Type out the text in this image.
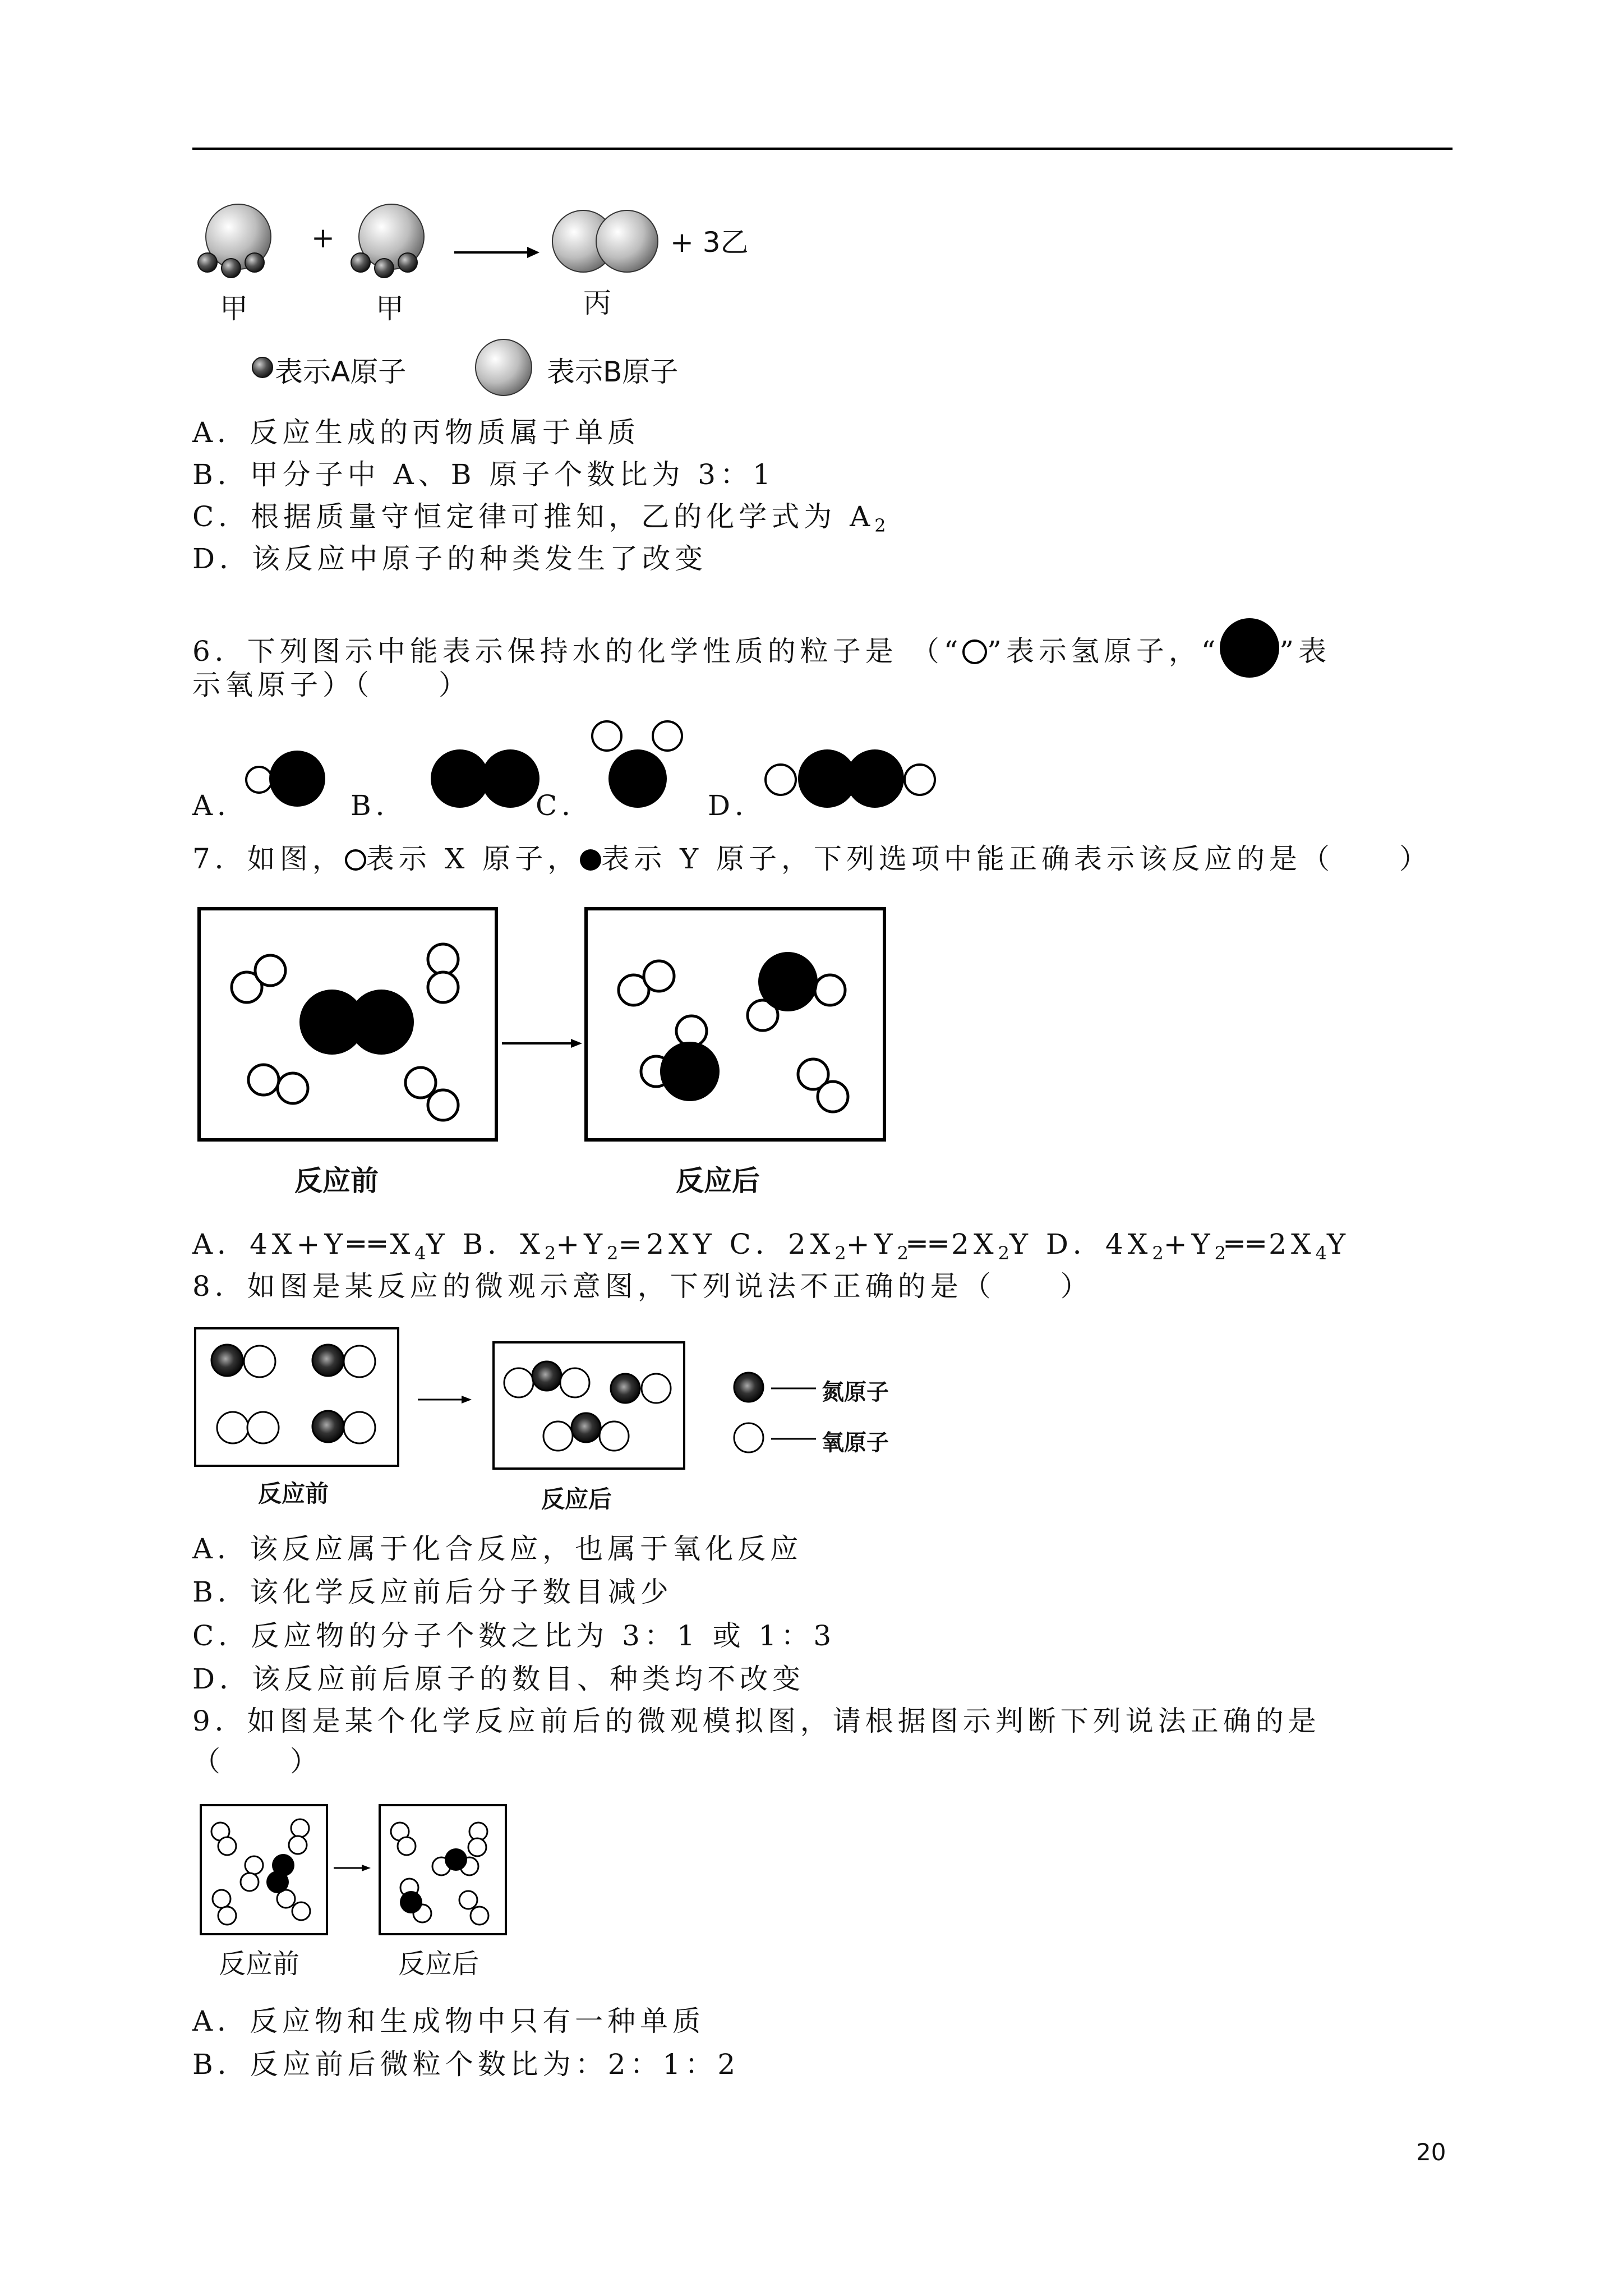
+	+ 3乙
甲	甲	丙
表示A原子	表示B原子
A．反应生成的丙物质属于单质
B．甲分子中 A、B 原子个数比为 3：1
C．根据质量守恒定律可推知，乙的化学式为 $A_2$
D．该反应中原子的种类发生了改变
6．下列图示中能表示保持水的化学性质的粒子是 （“ ”表示氢原子，“ ”表
示氧原子）（　　）
A．	B．	C．	D．
7．如图， 表示 X 原子， 表示 Y 原子，下列选项中能正确表示该反应的是（　　）
反应前	反应后
A．$4X+Y══X_4Y$ B．$X_2+Y_2=2XY$ C．$2X_2+Y_2══2X_2Y$ D．$4X_2+Y_2══2X_4Y$
8．如图是某反应的微观示意图，下列说法不正确的是（　　）
反应前	反应后
氮原子
氧原子
A．该反应属于化合反应，也属于氧化反应
B．该化学反应前后分子数目减少
C．反应物的分子个数之比为 3：1 或 1：3
D．该反应前后原子的数目、种类均不改变
9．如图是某个化学反应前后的微观模拟图，请根据图示判断下列说法正确的是
（　　）
反应前	反应后
A．反应物和生成物中只有一种单质
B．反应前后微粒个数比为：2：1：2
20
